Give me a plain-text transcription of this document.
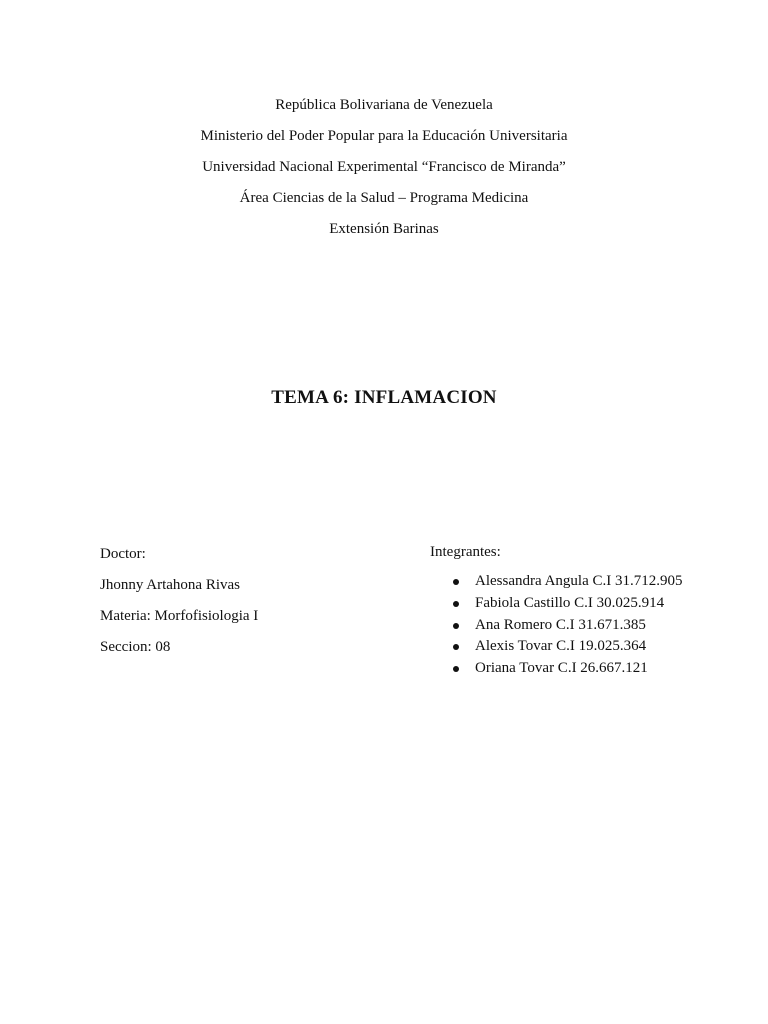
República Bolivariana de Venezuela
Ministerio del Poder Popular para la Educación Universitaria
Universidad Nacional Experimental “Francisco de Miranda”
Área Ciencias de la Salud – Programa Medicina
Extensión Barinas
TEMA 6: INFLAMACION
Doctor:
Jhonny Artahona Rivas
Materia: Morfofisiologia I
Seccion: 08
Integrantes:
Alessandra Angula C.I 31.712.905
Fabiola Castillo C.I 30.025.914
Ana Romero C.I 31.671.385
Alexis Tovar C.I 19.025.364
Oriana Tovar C.I 26.667.121
